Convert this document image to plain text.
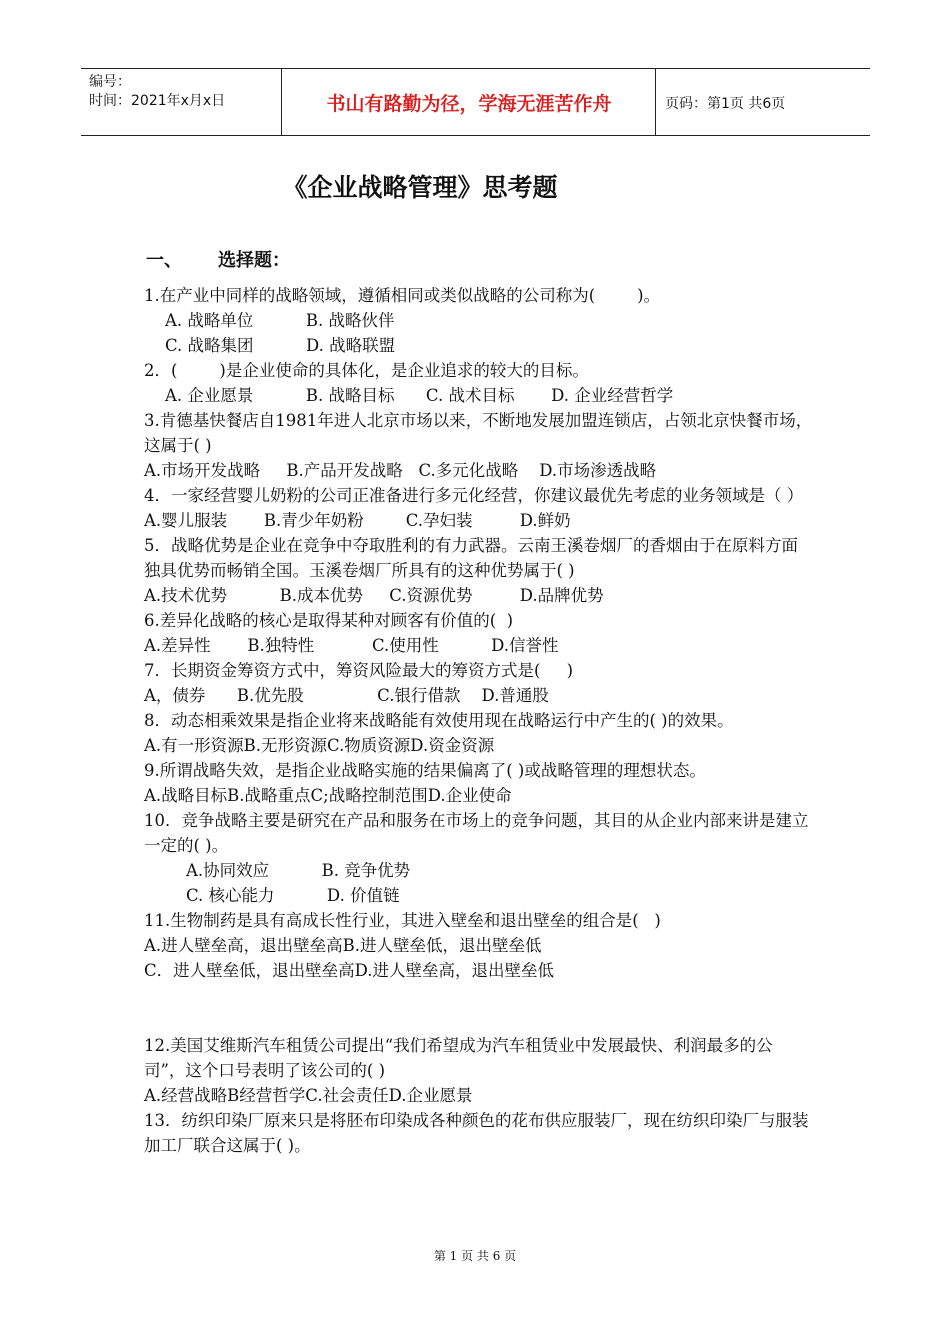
编号：
时间：2021年x月x日	书山有路勤为径，学海无涯苦作舟	页码：第1页 共6页
《企业战略管理》思考题
一、 选择题：

1.在产业中同样的战略领域，遵循相同或类似战略的公司称为(        )。

A. 战略单位          B. 战略伙伴

C. 战略集团          D. 战略联盟

2．(        )是企业使命的具体化，是企业追求的较大的目标。

A. 企业愿景          B. 战略目标      C. 战术目标       D. 企业经营哲学

3.肯德基快餐店自1981年进人北京市场以来，不断地发展加盟连锁店，占领北京快餐市场，这属于( )

A.市场开发战略     B.产品开发战略   C.多元化战略    D.市场渗透战略

4．一家经营婴儿奶粉的公司正准备进行多元化经营，你建议最优先考虑的业务领域是（ ）

A.婴儿服装       B.青少年奶粉        C.孕妇装         D.鲜奶

5．战略优势是企业在竞争中夺取胜利的有力武器。云南王溪卷烟厂的香烟由于在原料方面独具优势而畅销全国。玉溪卷烟厂所具有的这种优势属于( )

A.技术优势          B.成本优势     C.资源优势         D.品牌优势

6.差异化战略的核心是取得某种对顾客有价值的(  )

A.差异性       B.独特性           C.使用性          D.信誉性

7．长期资金筹资方式中，筹资风险最大的筹资方式是(     )

A，债券      B.优先股              C.银行借款    D.普通股

8．动态相乘效果是指企业将来战略能有效使用现在战略运行中产生的( )的效果。

A.有一形资源B.无形资源C.物质资源D.资金资源

9.所谓战略失效，是指企业战略实施的结果偏离了( )或战略管理的理想状态。

A.战略目标B.战略重点C;战略控制范围D.企业使命

10．竞争战略主要是研究在产品和服务在市场上的竞争问题，其目的从企业内部来讲是建立一定的( )。

A.协同效应          B. 竞争优势

C. 核心能力          D. 价值链

11.生物制药是具有高成长性行业，其进入壁垒和退出壁垒的组合是(   )

A.进人壁垒高，退出壁垒高B.进人壁垒低，退出壁垒低

C．进人壁垒低，退出壁垒高D.进人壁垒高，退出壁垒低

12.美国艾维斯汽车租赁公司提出“我们希望成为汽车租赁业中发展最快、利润最多的公司”，这个口号表明了该公司的( )

A.经营战略B经营哲学C.社会责任D.企业愿景

13．纺织印染厂原来只是将胚布印染成各种颜色的花布供应服装厂，现在纺织印染厂与服装加工厂联合这属于( )。

第 1 页 共 6 页
